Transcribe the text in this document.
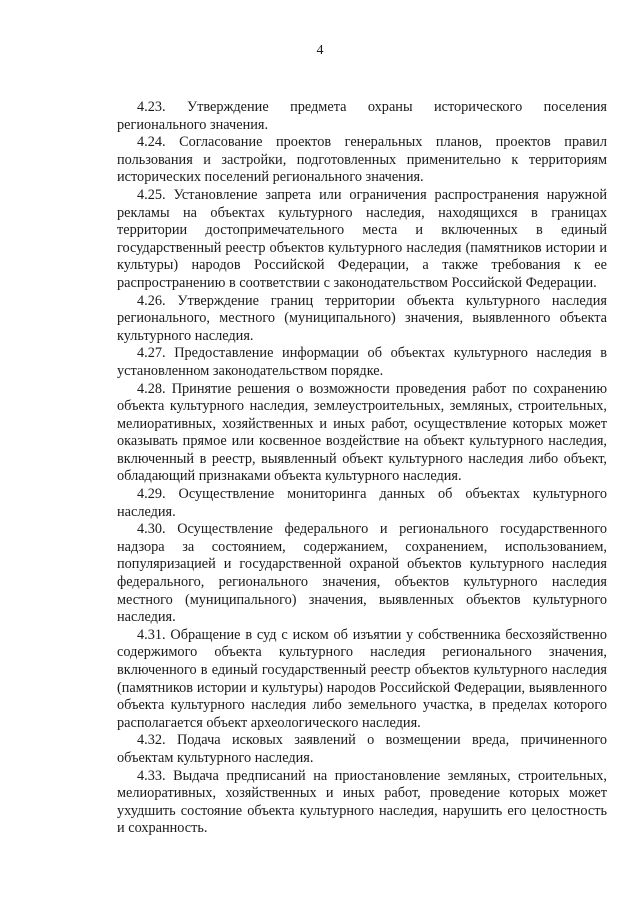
4

4.23. Утверждение предмета охраны исторического поселения регионального значения.

4.24. Согласование проектов генеральных планов, проектов правил пользования и застройки, подготовленных применительно к территориям исторических поселений регионального значения.

4.25. Установление запрета или ограничения распространения наружной рекламы на объектах культурного наследия, находящихся в границах территории достопримечательного места и включенных в единый государственный реестр объектов культурного наследия (памятников истории и культуры) народов Российской Федерации, а также требования к ее распространению в соответствии с законодательством Российской Федерации.

4.26. Утверждение границ территории объекта культурного наследия регионального, местного (муниципального) значения, выявленного объекта культурного наследия.

4.27. Предоставление информации об объектах культурного наследия в установленном законодательством порядке.

4.28. Принятие решения о возможности проведения работ по сохранению объекта культурного наследия, землеустроительных, земляных, строительных, мелиоративных, хозяйственных и иных работ, осуществление которых может оказывать прямое или косвенное воздействие на объект культурного наследия, включенный в реестр, выявленный объект культурного наследия либо объект, обладающий признаками объекта культурного наследия.

4.29. Осуществление мониторинга данных об объектах культурного наследия.

4.30. Осуществление федерального и регионального государственного надзора за состоянием, содержанием, сохранением, использованием, популяризацией и государственной охраной объектов культурного наследия федерального, регионального значения, объектов культурного наследия местного (муниципального) значения, выявленных объектов культурного наследия.

4.31. Обращение в суд с иском об изъятии у собственника бесхозяйственно содержимого объекта культурного наследия регионального значения, включенного в единый государственный реестр объектов культурного наследия (памятников истории и культуры) народов Российской Федерации, выявленного объекта культурного наследия либо земельного участка, в пределах которого располагается объект археологического наследия.

4.32. Подача исковых заявлений о возмещении вреда, причиненного объектам культурного наследия.

4.33. Выдача предписаний на приостановление земляных, строительных, мелиоративных, хозяйственных и иных работ, проведение которых может ухудшить состояние объекта культурного наследия, нарушить его целостность и сохранность.
